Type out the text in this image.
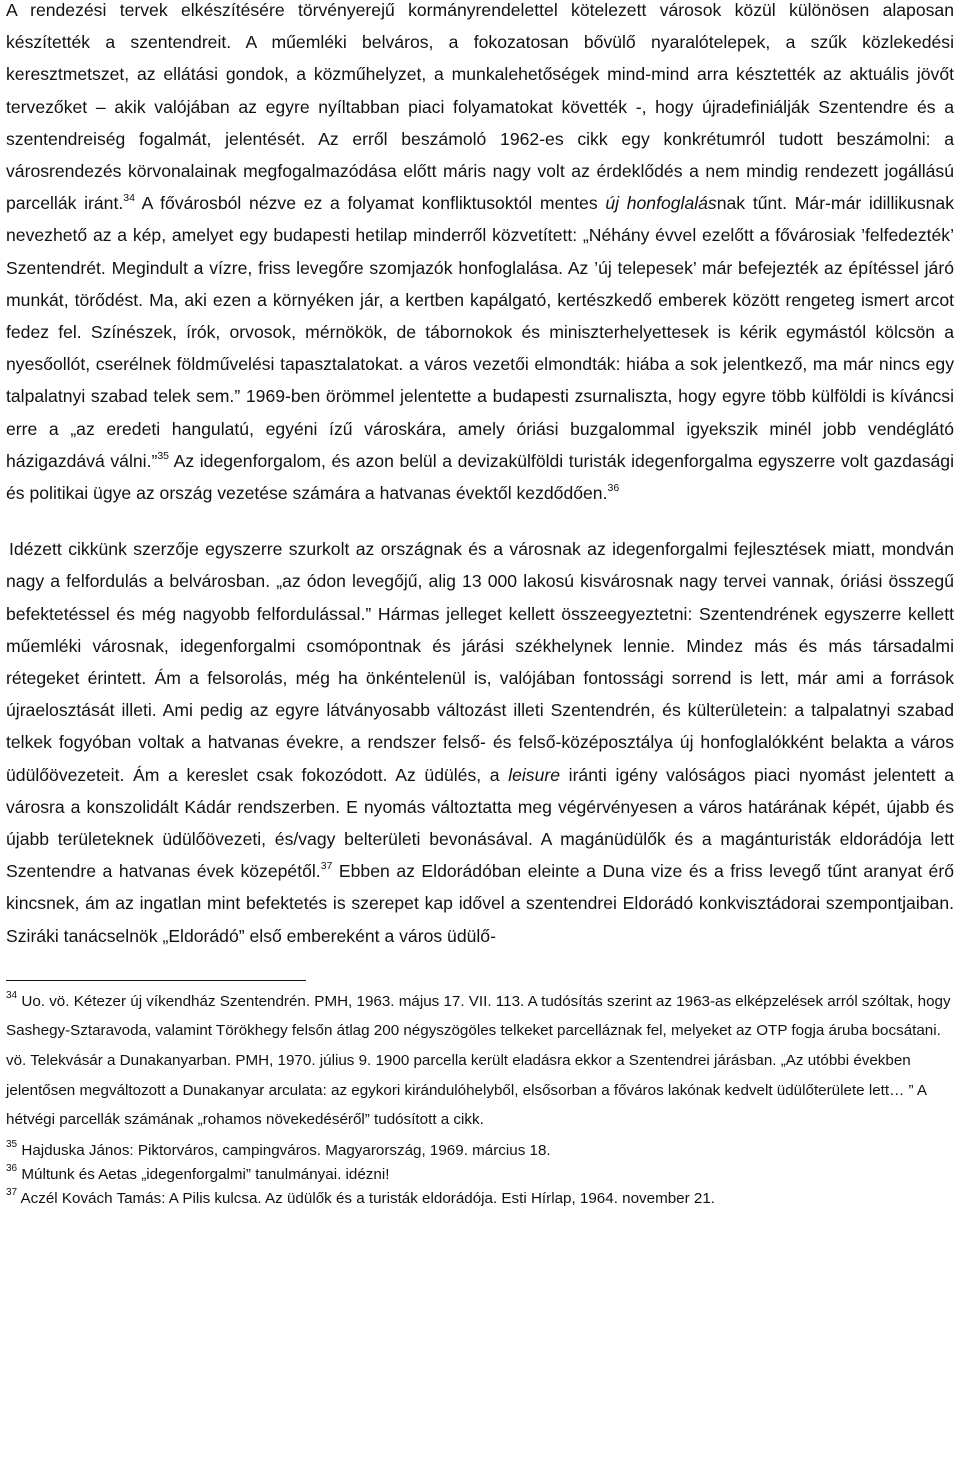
A rendezési tervek elkészítésére törvényerejű kormányrendelettel kötelezett városok közül különösen alaposan készítették a szentendreit. A műemléki belváros, a fokozatosan bővülő nyaralótelepek, a szűk közlekedési keresztmetszet, az ellátási gondok, a közműhelyzet, a munkalehetőségek mind-mind arra késztették az aktuális jövőt tervezőket – akik valójában az egyre nyíltabban piaci folyamatokat követték -, hogy újradefiniálják Szentendre és a szentendreiség fogalmát, jelentését. Az erről beszámoló 1962-es cikk egy konkrétumról tudott beszámolni: a városrendezés körvonalainak megfogalmazódása előtt máris nagy volt az érdeklődés a nem mindig rendezett jogállású parcellák iránt.$^{34}$ A fővárosból nézve ez a folyamat konfliktusoktól mentes új honfoglalásnak tűnt. Már-már idillikusnak nevezhető az a kép, amelyet egy budapesti hetilap minderről közvetített: „Néhány évvel ezelőtt a fővárosiak ’felfedezték’ Szentendrét. Megindult a vízre, friss levegőre szomjazók honfoglalása. Az ’új telepesek’ már befejezték az építéssel járó munkát, törődést. Ma, aki ezen a környéken jár, a kertben kapálgató, kertészkedő emberek között rengeteg ismert arcot fedez fel. Színészek, írók, orvosok, mérnökök, de tábornokok és miniszterhelyettesek is kérik egymástól kölcsön a nyesőollót, cserélnek földművelési tapasztalatokat. a város vezetői elmondták: hiába a sok jelentkező, ma már nincs egy talpalatnyi szabad telek sem.” 1969-ben örömmel jelentette a budapesti zsurnaliszta, hogy egyre több külföldi is kíváncsi erre a „az eredeti hangulatú, egyéni ízű városkára, amely óriási buzgalommal igyekszik minél jobb vendéglátó házigazdává válni.”$^{35}$ Az idegenforgalom, és azon belül a devizakülföldi turisták idegenforgalma egyszerre volt gazdasági és politikai ügye az ország vezetése számára a hatvanas évektől kezdődően.$^{36}$

Idézett cikkünk szerzője egyszerre szurkolt az országnak és a városnak az idegenforgalmi fejlesztések miatt, mondván nagy a felfordulás a belvárosban. „az ódon levegőjű, alig 13 000 lakosú kisvárosnak nagy tervei vannak, óriási összegű befektetéssel és még nagyobb felfordulással.” Hármas jelleget kellett összeegyeztetni: Szentendrének egyszerre kellett műemléki városnak, idegenforgalmi csomópontnak és járási székhelynek lennie. Mindez más és más társadalmi rétegeket érintett. Ám a felsorolás, még ha önkéntelenül is, valójában fontossági sorrend is lett, már ami a források újraelosztását illeti. Ami pedig az egyre látványosabb változást illeti Szentendrén, és külterületein: a talpalatnyi szabad telkek fogyóban voltak a hatvanas évekre, a rendszer felső- és felső-középosztálya új honfoglalókként belakta a város üdülőövezeteit. Ám a kereslet csak fokozódott. Az üdülés, a leisure iránti igény valóságos piaci nyomást jelentett a városra a konszolidált Kádár rendszerben. E nyomás változtatta meg végérvényesen a város határának képét, újabb és újabb területeknek üdülőövezeti, és/vagy belterületi bevonásával. A magánüdülők és a magánturisták eldorádója lett Szentendre a hatvanas évek közepétől.$^{37}$ Ebben az Eldorádóban eleinte a Duna vize és a friss levegő tűnt aranyat érő kincsnek, ám az ingatlan mint befektetés is szerepet kap idővel a szentendrei Eldorádó konkvisztádorai szempontjaiban. Sziráki tanácselnök „Eldorádó” első embereként a város üdülő-

$^{34}$ Uo. vö. Kétezer új víkendház Szentendrén. PMH, 1963. május 17. VII. 113. A tudósítás szerint az 1963-as elképzelések arról szóltak, hogy Sashegy-Sztaravoda, valamint Törökhegy felsőn átlag 200 négyszögöles telkeket parcelláznak fel, melyeket az OTP fogja áruba bocsátani. vö. Telekvásár a Dunakanyarban. PMH, 1970. július 9. 1900 parcella került eladásra ekkor a Szentendrei járásban. „Az utóbbi években jelentősen megváltozott a Dunakanyar arculata: az egykori kirándulóhelyből, elsősorban a főváros lakónak kedvelt üdülőterülete lett… ” A hétvégi parcellák számának „rohamos növekedéséről” tudósított a cikk.

$^{35}$ Hajduska János: Piktorváros, campingváros. Magyarország, 1969. március 18.

$^{36}$ Múltunk és Aetas „idegenforgalmi” tanulmányai. idézni!

$^{37}$ Aczél Kovách Tamás: A Pilis kulcsa. Az üdülők és a turisták eldorádója. Esti Hírlap, 1964. november 21.
